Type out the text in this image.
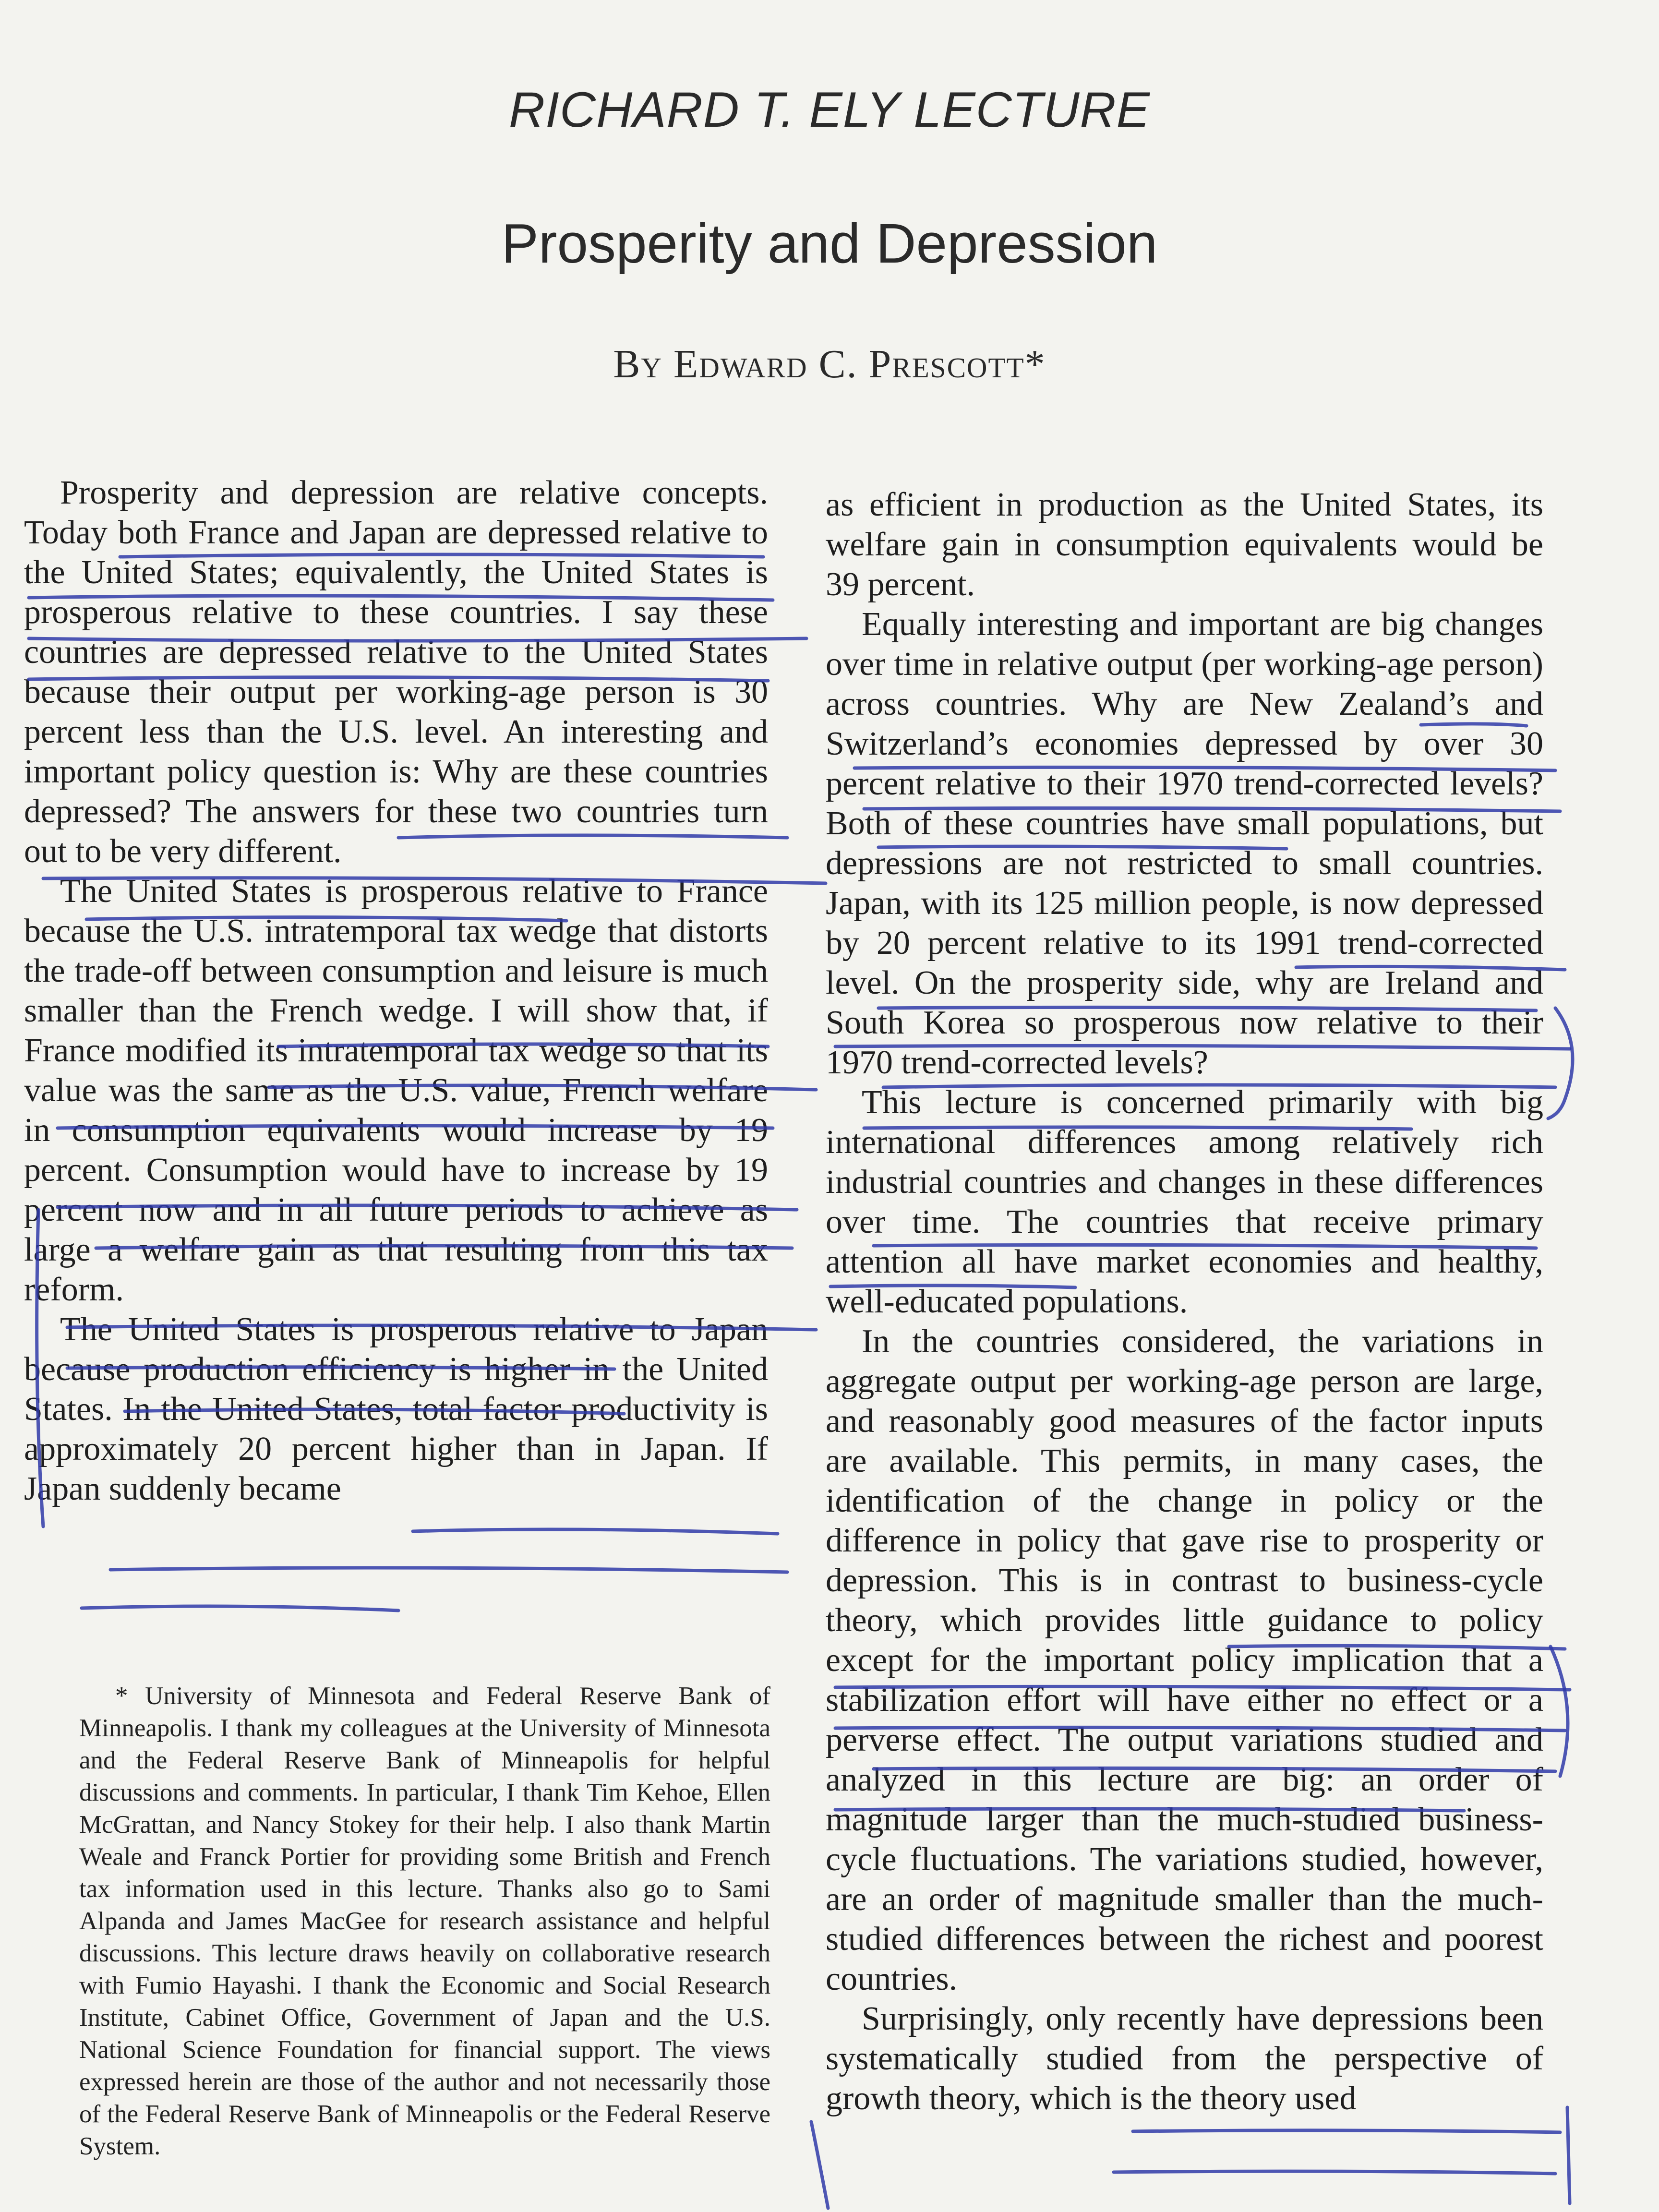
RICHARD T. ELY LECTURE
Prosperity and Depression
By Edward C. Prescott*

Prosperity and depression are relative concepts. Today both France and Japan are depressed relative to the United States; equivalently, the United States is prosperous relative to these countries. I say these countries are depressed relative to the United States because their output per working-age person is 30 percent less than the U.S. level. An interesting and important policy question is: Why are these countries depressed? The answers for these two countries turn out to be very different.

The United States is prosperous relative to France because the U.S. intratemporal tax wedge that distorts the trade-off between consumption and leisure is much smaller than the French wedge. I will show that, if France modified its intratemporal tax wedge so that its value was the same as the U.S. value, French welfare in consumption equivalents would increase by 19 percent. Consumption would have to increase by 19 percent now and in all future periods to achieve as large a welfare gain as that resulting from this tax reform.

The United States is prosperous relative to Japan because production efficiency is higher in the United States. In the United States, total factor productivity is approximately 20 percent higher than in Japan. If Japan suddenly became

* University of Minnesota and Federal Reserve Bank of Minneapolis. I thank my colleagues at the University of Minnesota and the Federal Reserve Bank of Minneapolis for helpful discussions and comments. In particular, I thank Tim Kehoe, Ellen McGrattan, and Nancy Stokey for their help. I also thank Martin Weale and Franck Portier for providing some British and French tax information used in this lecture. Thanks also go to Sami Alpanda and James MacGee for research assistance and helpful discussions. This lecture draws heavily on collaborative research with Fumio Hayashi. I thank the Economic and Social Research Institute, Cabinet Office, Government of Japan and the U.S. National Science Foundation for financial support. The views expressed herein are those of the author and not necessarily those of the Federal Reserve Bank of Minneapolis or the Federal Reserve System.

as efficient in production as the United States, its welfare gain in consumption equivalents would be 39 percent.

Equally interesting and important are big changes over time in relative output (per working-age person) across countries. Why are New Zealand’s and Switzerland’s economies depressed by over 30 percent relative to their 1970 trend-corrected levels? Both of these countries have small populations, but depressions are not restricted to small countries. Japan, with its 125 million people, is now depressed by 20 percent relative to its 1991 trend-corrected level. On the prosperity side, why are Ireland and South Korea so prosperous now relative to their 1970 trend-corrected levels?

This lecture is concerned primarily with big international differences among relatively rich industrial countries and changes in these differences over time. The countries that receive primary attention all have market economies and healthy, well-educated populations.

In the countries considered, the variations in aggregate output per working-age person are large, and reasonably good measures of the factor inputs are available. This permits, in many cases, the identification of the change in policy or the difference in policy that gave rise to prosperity or depression. This is in contrast to business-cycle theory, which provides little guidance to policy except for the important policy implication that a stabilization effort will have either no effect or a perverse effect. The output variations studied and analyzed in this lecture are big: an order of magnitude larger than the much-studied business-cycle fluctuations. The variations studied, however, are an order of magnitude smaller than the much-studied differences between the richest and poorest countries.

Surprisingly, only recently have depressions been systematically studied from the perspective of growth theory, which is the theory used
